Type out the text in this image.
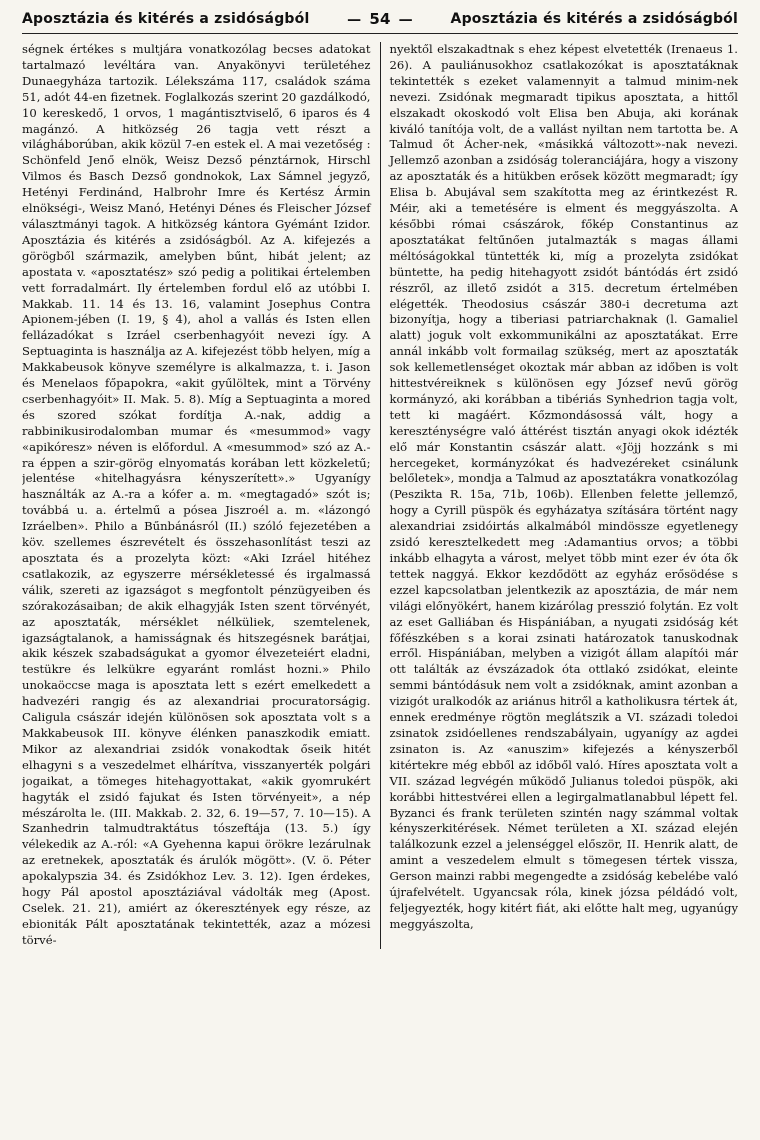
Aposztázia és kitérés a zsidóságból	— 54 —	Aposztázia és kitérés a zsidóságból

ségnek értékes s multjára vonatkozólag becses adatokat tartalmazó levéltára van. Anyakönyvi területéhez Dunaegyháza tartozik. Lélekszáma 117, családok száma 51, adót 44-en fizetnek. Foglalkozás szerint 20 gazdálkodó, 10 kereskedő, 1 orvos, 1 magántisztviselő, 6 iparos és 4 magánzó. A hitközség 26 tagja vett részt a világháborúban, akik közül 7-en estek el. A mai vezetőség : Schönfeld Jenő elnök, Weisz Dezső pénztárnok, Hirschl Vilmos és Basch Dezső gondnokok, Lax Sámnel jegyző, Hetényi Ferdinánd, Halbrohr Imre és Kertész Ármin elnökségi-, Weisz Manó, Hetényi Dénes és Fleischer József választmányi tagok. A hitközség kántora Gyémánt Izidor. Aposztázia és kitérés a zsidóságból. Az A. kifejezés a görögből származik, amelyben bűnt, hibát jelent; az apostata v. «aposztatész» szó pedig a politikai értelemben vett forradalmárt. Ily értelemben fordul elő az utóbbi I. Makkab. 11. 14 és 13. 16, valamint Josephus Contra Apionem-jében (I. 19, § 4), ahol a vallás és Isten ellen fellázadókat s Izráel cserbenhagyóit nevezi így. A Septuaginta is használja az A. kifejezést több helyen, míg a Makkabeusok könyve személyre is alkalmazza, t. i. Jason és Menelaos főpapokra, «akit gyűlöltek, mint a Törvény cserbenhagyóit» II. Mak. 5. 8). Míg a Septuaginta a mored és szored szókat fordítja A.-nak, addig a rabbinikusirodalomban mumar és «mesummod» vagy «apikóresz» néven is előfordul. A «mesummod» szó az A.-ra éppen a szir-görög elnyomatás korában lett közkeletű; jelentése «hitelhagyásra kényszerített».» Ugyanígy használták az A.-ra a kófer a. m. «megtagadó» szót is; továbbá u. a. értelmű a pósea Jiszroél a. m. «lázongó Izráelben». Philo a Bűnbánásról (II.) szóló fejezetében a köv. szellemes észrevételt és összehasonlítást teszi az aposztata és a prozelyta közt: «Aki Izráel hitéhez csatlakozik, az egyszerre mérsékletessé és irgalmassá válik, szereti az igazságot s megfontolt pénzügyeiben és szórakozásaiban; de akik elhagyják Isten szent törvényét, az aposztaták, mérséklet nélküliek, szemtelenek, igazságtalanok, a hamisságnak és hitszegésnek barátjai, akik készek szabadságukat a gyomor élvezeteiért eladni, testükre és lelkükre egyaránt romlást hozni.» Philo unokaöccse maga is aposztata lett s ezért emelkedett a hadvezéri rangig és az alexandriai procuratorságig. Caligula császár idején különösen sok aposztata volt s a Makkabeusok III. könyve élénken panaszkodik emiatt. Mikor az alexandriai zsidók vonakodtak őseik hitét elhagyni s a veszedelmet elhárítva, visszanyerték polgári jogaikat, a tömeges hitehagyottakat, «akik gyomrukért hagyták el zsidó fajukat és Isten törvényeit», a nép mészárolta le. (III. Makkab. 2. 32, 6. 19—57, 7. 10—15). A Szanhedrin talmudtraktátus tószeftája (13. 5.) így vélekedik az A.-ról: «A Gyehenna kapui örökre lezárulnak az eretnekek, aposztaták és árulók mögött». (V. ö. Péter apokalypszia 34. és Zsidókhoz Lev. 3. 12). Igen érdekes, hogy Pál apostol aposztáziával vádolták meg (Apost. Cselek. 21. 21), amiért az ókeresztények egy része, az ebioniták Pált aposztatának tekintették, azaz a mózesi törvé-

nyektől elszakadtnak s ehez képest elvetették (Irenaeus 1. 26). A pauliánusokhoz csatlakozókat is aposztatáknak tekintették s ezeket valamennyit a talmud minim-nek nevezi. Zsidónak megmaradt tipikus aposztata, a hittől elszakadt okoskodó volt Elisa ben Abuja, aki korának kiváló tanítója volt, de a vallást nyiltan nem tartotta be. A Talmud őt Ácher-nek, «másikká változott»-nak nevezi. Jellemző azonban a zsidóság toleranciájára, hogy a viszony az aposztaták és a hitükben erősek között megmaradt; így Elisa b. Abujával sem szakította meg az érintkezést R. Méir, aki a temetésére is elment és meggyászolta. A későbbi római császárok, főkép Constantinus az aposztatákat feltűnően jutalmazták s magas állami méltóságokkal tüntették ki, míg a prozelyta zsidókat büntette, ha pedig hitehagyott zsidót bántódás ért zsidó részről, az illető zsidót a 315. decretum értelmében elégették. Theodosius császár 380-i decretuma azt bizonyítja, hogy a tiberiasi patriarchaknak (l. Gamaliel alatt) joguk volt exkommunikálni az aposztatákat. Erre annál inkább volt formailag szükség, mert az aposztaták sok kellemetlenséget okoztak már abban az időben is volt hittestvéreiknek s különösen egy József nevű görög kormányzó, aki korábban a tibériás Synhedrion tagja volt, tett ki magáért. Kőzmondásossá vált, hogy a kereszténységre való áttérést tisztán anyagi okok idézték elő már Konstantin császár alatt. «Jöjj hozzánk s mi hercegeket, kormányzókat és hadvezéreket csinálunk belőletek», mondja a Talmud az aposztatákra vonatkozólag (Peszikta R. 15a, 71b, 106b). Ellenben felette jellemző, hogy a Cyrill püspök és egyházatya szítására történt nagy alexandriai zsidóirtás alkalmából mindössze egyetlenegy zsidó keresztelkedett meg :Adamantius orvos; a többi inkább elhagyta a várost, melyet több mint ezer év óta ők tettek naggyá. Ekkor kezdődött az egyház erősödése s ezzel kapcsolatban jelentkezik az aposztázia, de már nem világi előnyökért, hanem kizárólag presszió folytán. Ez volt az eset Galliában és Hispániában, a nyugati zsidóság két főfészkében s a korai zsinati határozatok tanuskodnak erről. Hispániában, melyben a vizigót állam alapítói már ott találták az évszázadok óta ottlakó zsidókat, eleinte semmi bántódásuk nem volt a zsidóknak, amint azonban a vizigót uralkodók az ariánus hitről a katholikusra tértek át, ennek eredménye rögtön meglátszik a VI. századi toledoi zsinatok zsidóellenes rendszabályain, ugyanígy az agdei zsinaton is. Az «anuszim» kifejezés a kényszerből kitértekre még ebből az időből való. Híres aposztata volt a VII. század legvégén működő Julianus toledoi püspök, aki korábbi hittestvérei ellen a legirgalmatlanabbul lépett fel. Byzanci és frank területen szintén nagy számmal voltak kényszerkitérések. Német területen a XI. század elején találkozunk ezzel a jelenséggel először, II. Henrik alatt, de amint a veszedelem elmult s tömegesen tértek vissza, Gerson mainzi rabbi megengedte a zsidóság kebelébe való újrafelvételt. Ugyancsak róla, kinek józsa példádó volt, feljegyezték, hogy kitért fiát, aki előtte halt meg, ugyanúgy meggyászolta,
